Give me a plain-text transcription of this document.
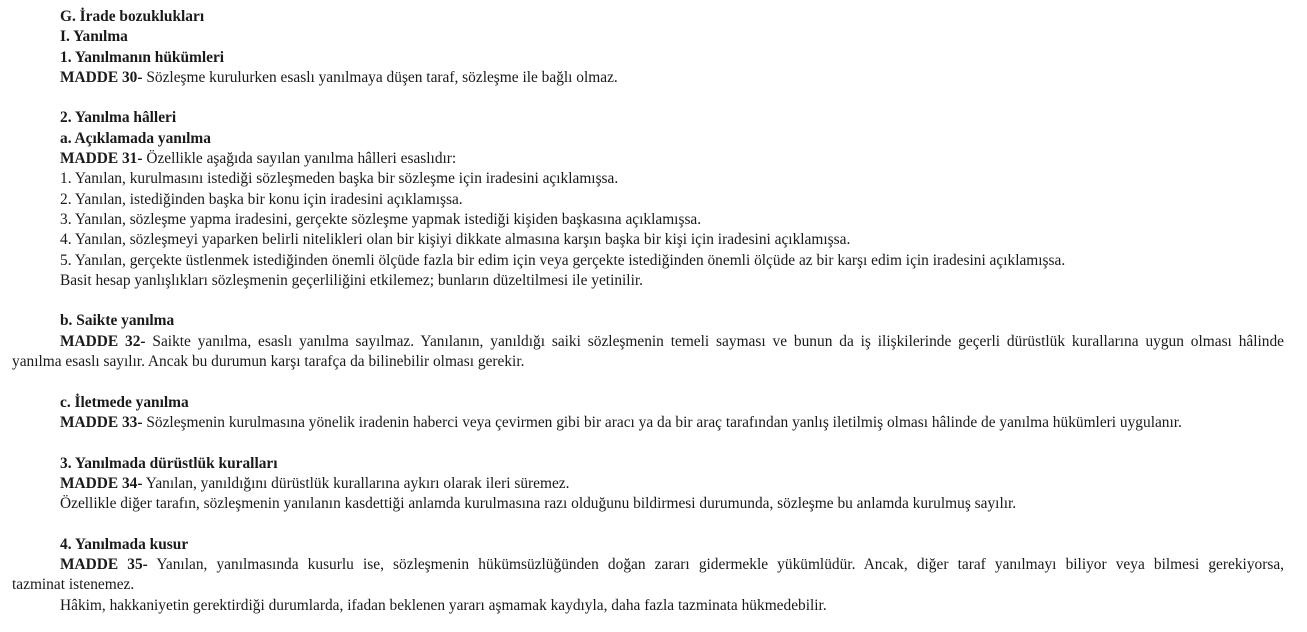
G. İrade bozuklukları
I. Yanılma
1. Yanılmanın hükümleri
MADDE 30- Sözleşme kurulurken esaslı yanılmaya düşen taraf, sözleşme ile bağlı olmaz.
2. Yanılma hâlleri
a. Açıklamada yanılma
MADDE 31- Özellikle aşağıda sayılan yanılma hâlleri esaslıdır:
1. Yanılan, kurulmasını istediği sözleşmeden başka bir sözleşme için iradesini açıklamışsa.
2. Yanılan, istediğinden başka bir konu için iradesini açıklamışsa.
3. Yanılan, sözleşme yapma iradesini, gerçekte sözleşme yapmak istediği kişiden başkasına açıklamışsa.
4. Yanılan, sözleşmeyi yaparken belirli nitelikleri olan bir kişiyi dikkate almasına karşın başka bir kişi için iradesini açıklamışsa.
5. Yanılan, gerçekte üstlenmek istediğinden önemli ölçüde fazla bir edim için veya gerçekte istediğinden önemli ölçüde az bir karşı edim için iradesini açıklamışsa.
Basit hesap yanlışlıkları sözleşmenin geçerliliğini etkilemez; bunların düzeltilmesi ile yetinilir.
b. Saikte yanılma
MADDE 32- Saikte yanılma, esaslı yanılma sayılmaz. Yanılanın, yanıldığı saiki sözleşmenin temeli sayması ve bunun da iş ilişkilerinde geçerli dürüstlük kurallarına uygun olması hâlinde
yanılma esaslı sayılır. Ancak bu durumun karşı tarafça da bilinebilir olması gerekir.
c. İletmede yanılma
MADDE 33- Sözleşmenin kurulmasına yönelik iradenin haberci veya çevirmen gibi bir aracı ya da bir araç tarafından yanlış iletilmiş olması hâlinde de yanılma hükümleri uygulanır.
3. Yanılmada dürüstlük kuralları
MADDE 34- Yanılan, yanıldığını dürüstlük kurallarına aykırı olarak ileri süremez.
Özellikle diğer tarafın, sözleşmenin yanılanın kasdettiği anlamda kurulmasına razı olduğunu bildirmesi durumunda, sözleşme bu anlamda kurulmuş sayılır.
4. Yanılmada kusur
MADDE 35- Yanılan, yanılmasında kusurlu ise, sözleşmenin hükümsüzlüğünden doğan zararı gidermekle yükümlüdür. Ancak, diğer taraf yanılmayı biliyor veya bilmesi gerekiyorsa,
tazminat istenemez.
Hâkim, hakkaniyetin gerektirdiği durumlarda, ifadan beklenen yararı aşmamak kaydıyla, daha fazla tazminata hükmedebilir.
